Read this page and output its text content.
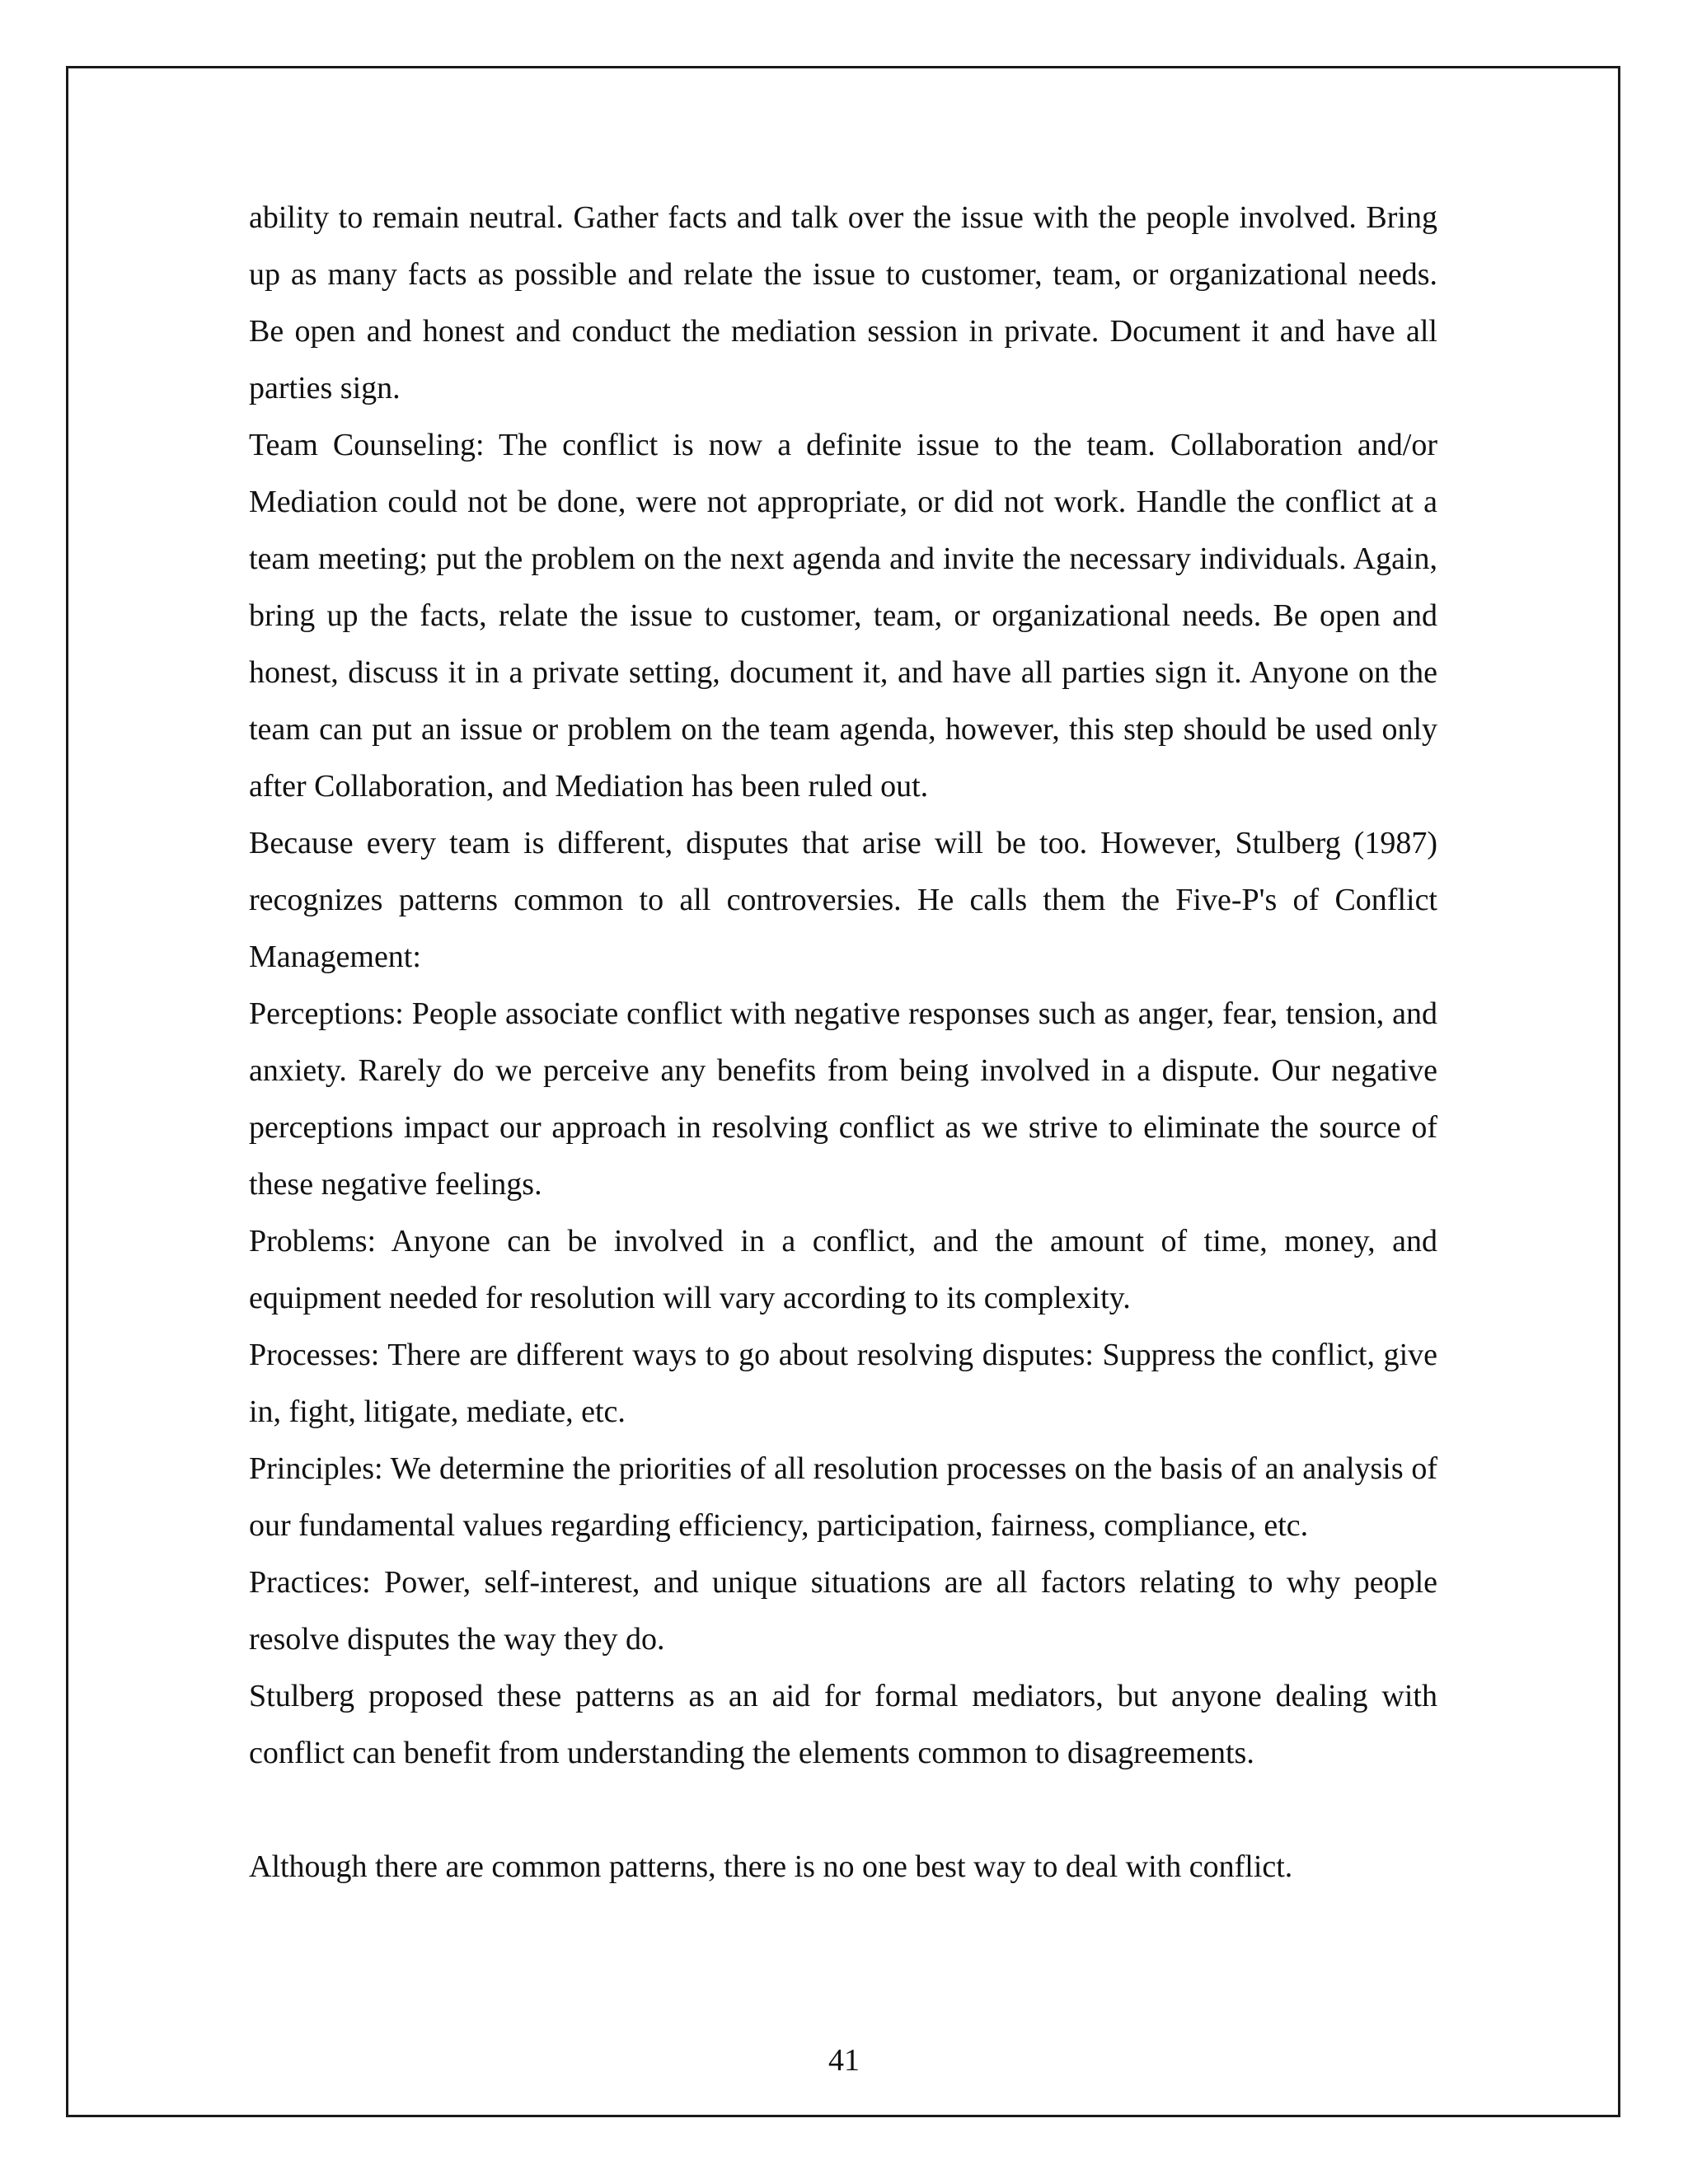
ability to remain neutral. Gather facts and talk over the issue with the people involved. Bring up as many facts as possible and relate the issue to customer, team, or organizational needs. Be open and honest and conduct the mediation session in private. Document it and have all parties sign.

Team Counseling: The conflict is now a definite issue to the team. Collaboration and/or Mediation could not be done, were not appropriate, or did not work. Handle the conflict at a team meeting; put the problem on the next agenda and invite the necessary individuals. Again, bring up the facts, relate the issue to customer, team, or organizational needs. Be open and honest, discuss it in a private setting, document it, and have all parties sign it. Anyone on the team can put an issue or problem on the team agenda, however, this step should be used only after Collaboration, and Mediation has been ruled out.

Because every team is different, disputes that arise will be too. However, Stulberg (1987) recognizes patterns common to all controversies. He calls them the Five-P's of Conflict Management:

Perceptions: People associate conflict with negative responses such as anger, fear, tension, and anxiety. Rarely do we perceive any benefits from being involved in a dispute. Our negative perceptions impact our approach in resolving conflict as we strive to eliminate the source of these negative feelings.

Problems: Anyone can be involved in a conflict, and the amount of time, money, and equipment needed for resolution will vary according to its complexity.

Processes: There are different ways to go about resolving disputes: Suppress the conflict, give in, fight, litigate, mediate, etc.

Principles: We determine the priorities of all resolution processes on the basis of an analysis of our fundamental values regarding efficiency, participation, fairness, compliance, etc.

Practices: Power, self-interest, and unique situations are all factors relating to why people resolve disputes the way they do.

Stulberg proposed these patterns as an aid for formal mediators, but anyone dealing with conflict can benefit from understanding the elements common to disagreements.

Although there are common patterns, there is no one best way to deal with conflict.

41
